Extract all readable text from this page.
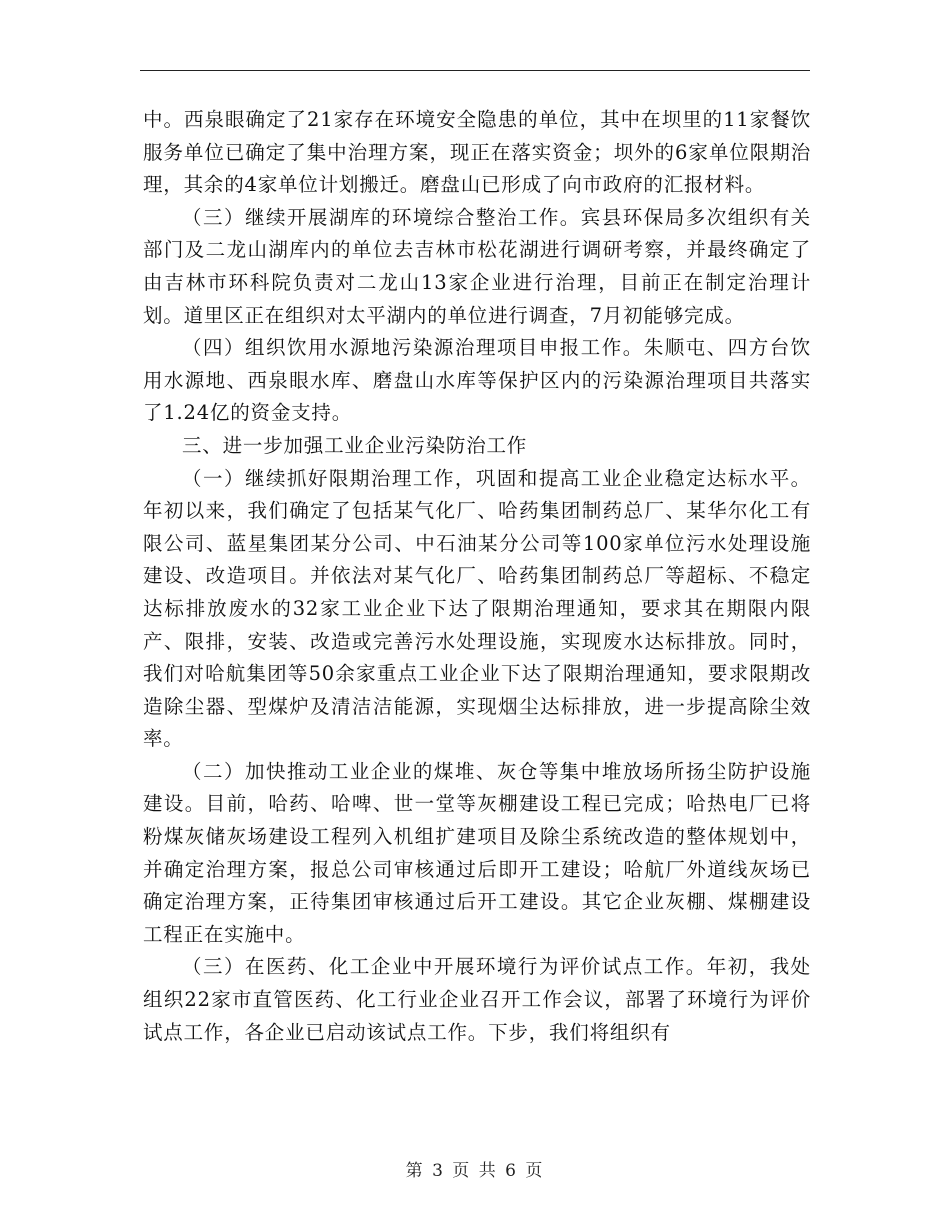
中。西泉眼确定了21家存在环境安全隐患的单位，其中在坝里的11家餐饮服务单位已确定了集中治理方案，现正在落实资金；坝外的6家单位限期治理，其余的4家单位计划搬迁。磨盘山已形成了向市政府的汇报材料。

（三）继续开展湖库的环境综合整治工作。宾县环保局多次组织有关部门及二龙山湖库内的单位去吉林市松花湖进行调研考察，并最终确定了由吉林市环科院负责对二龙山13家企业进行治理，目前正在制定治理计划。道里区正在组织对太平湖内的单位进行调查，7月初能够完成。

（四）组织饮用水源地污染源治理项目申报工作。朱顺屯、四方台饮用水源地、西泉眼水库、磨盘山水库等保护区内的污染源治理项目共落实了1.24亿的资金支持。

三、进一步加强工业企业污染防治工作

（一）继续抓好限期治理工作，巩固和提高工业企业稳定达标水平。年初以来，我们确定了包括某气化厂、哈药集团制药总厂、某华尔化工有限公司、蓝星集团某分公司、中石油某分公司等100家单位污水处理设施建设、改造项目。并依法对某气化厂、哈药集团制药总厂等超标、不稳定达标排放废水的32家工业企业下达了限期治理通知，要求其在期限内限产、限排，安装、改造或完善污水处理设施，实现废水达标排放。同时，我们对哈航集团等50余家重点工业企业下达了限期治理通知，要求限期改造除尘器、型煤炉及清洁洁能源，实现烟尘达标排放，进一步提高除尘效率。

（二）加快推动工业企业的煤堆、灰仓等集中堆放场所扬尘防护设施建设。目前，哈药、哈啤、世一堂等灰棚建设工程已完成；哈热电厂已将粉煤灰储灰场建设工程列入机组扩建项目及除尘系统改造的整体规划中，并确定治理方案，报总公司审核通过后即开工建设；哈航厂外道线灰场已确定治理方案，正待集团审核通过后开工建设。其它企业灰棚、煤棚建设工程正在实施中。

（三）在医药、化工企业中开展环境行为评价试点工作。年初，我处组织22家市直管医药、化工行业企业召开工作会议，部署了环境行为评价试点工作，各企业已启动该试点工作。下步，我们将组织有

第 3 页 共 6 页
